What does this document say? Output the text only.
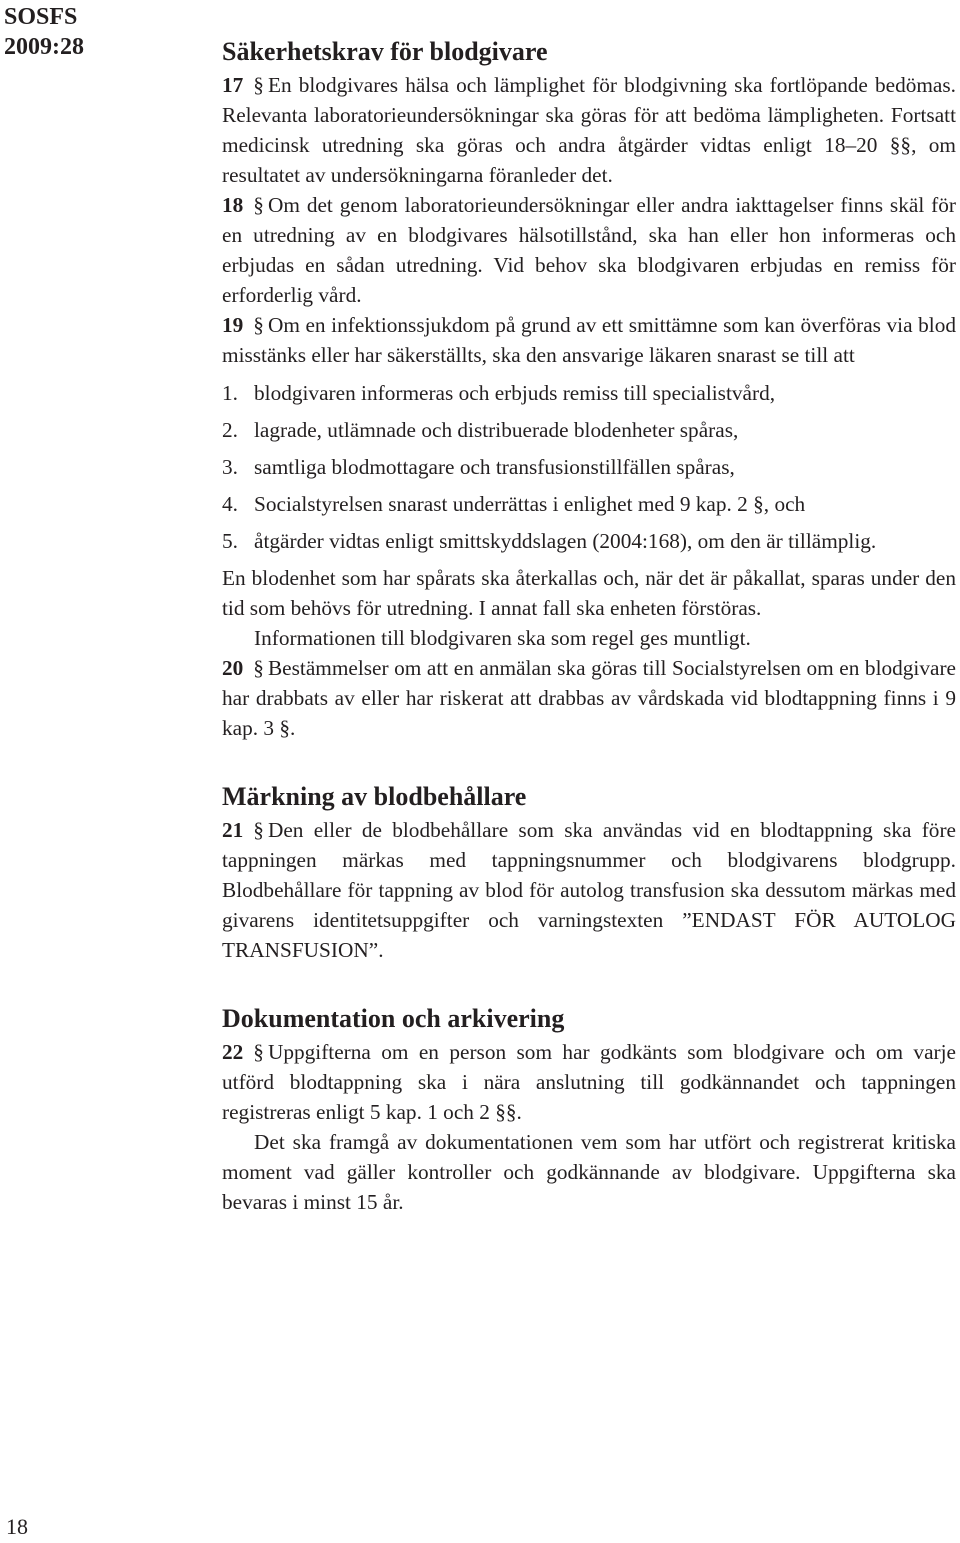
SOSFS
2009:28	Säkerhetskrav för blodgivare

17 § En blodgivares hälsa och lämplighet för blodgivning ska fortlöpande bedömas. Relevanta laboratorieundersökningar ska göras för att bedöma lämpligheten. Fortsatt medicinsk utredning ska göras och andra åtgärder vidtas enligt 18–20 §§, om resultatet av undersökningarna föranleder det.

18 § Om det genom laboratorieundersökningar eller andra iakttagelser finns skäl för en utredning av en blodgivares hälsotillstånd, ska han eller hon informeras och erbjudas en sådan utredning. Vid behov ska blodgivaren erbjudas en remiss för erforderlig vård.

19 § Om en infektionssjukdom på grund av ett smittämne som kan överföras via blod misstänks eller har säkerställts, ska den ansvarige läkaren snarast se till att

1. blodgivaren informeras och erbjuds remiss till specialistvård,
2. lagrade, utlämnade och distribuerade blodenheter spåras,
3. samtliga blodmottagare och transfusionstillfällen spåras,
4. Socialstyrelsen snarast underrättas i enlighet med 9 kap. 2 §, och
5. åtgärder vidtas enligt smittskyddslagen (2004:168), om den är tillämplig.

En blodenhet som har spårats ska återkallas och, när det är påkallat, sparas under den tid som behövs för utredning. I annat fall ska enheten förstöras.

Informationen till blodgivaren ska som regel ges muntligt.

20 § Bestämmelser om att en anmälan ska göras till Socialstyrelsen om en blodgivare har drabbats av eller har riskerat att drabbas av vårdskada vid blodtappning finns i 9 kap. 3 §.

Märkning av blodbehållare

21 § Den eller de blodbehållare som ska användas vid en blodtappning ska före tappningen märkas med tappningsnummer och blodgivarens blodgrupp. Blodbehållare för tappning av blod för autolog transfusion ska dessutom märkas med givarens identitetsuppgifter och varningstexten ”ENDAST FÖR AUTOLOG TRANSFUSION”.

Dokumentation och arkivering

22 § Uppgifterna om en person som har godkänts som blodgivare och om varje utförd blodtappning ska i nära anslutning till godkännandet och tappningen registreras enligt 5 kap. 1 och 2 §§.

Det ska framgå av dokumentationen vem som har utfört och registrerat kritiska moment vad gäller kontroller och godkännande av blodgivare. Uppgifterna ska bevaras i minst 15 år.

18
